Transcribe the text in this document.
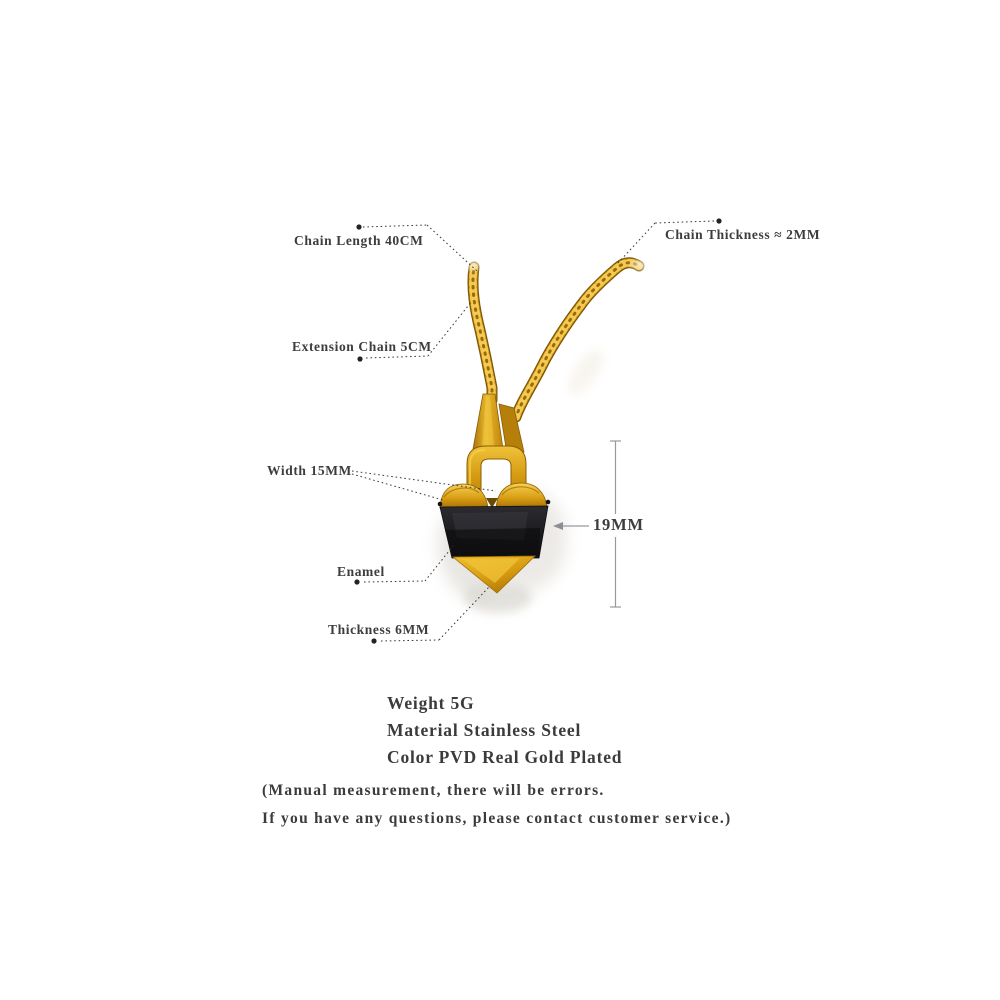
Chain Length 40CM	Chain Thickness ≈ 2MM
Extension Chain 5CM
Width 15MM
19MM
Enamel
Thickness 6MM
Weight 5G
Material Stainless Steel
Color PVD Real Gold Plated
(Manual measurement, there will be errors.
If you have any questions, please contact customer service.)
